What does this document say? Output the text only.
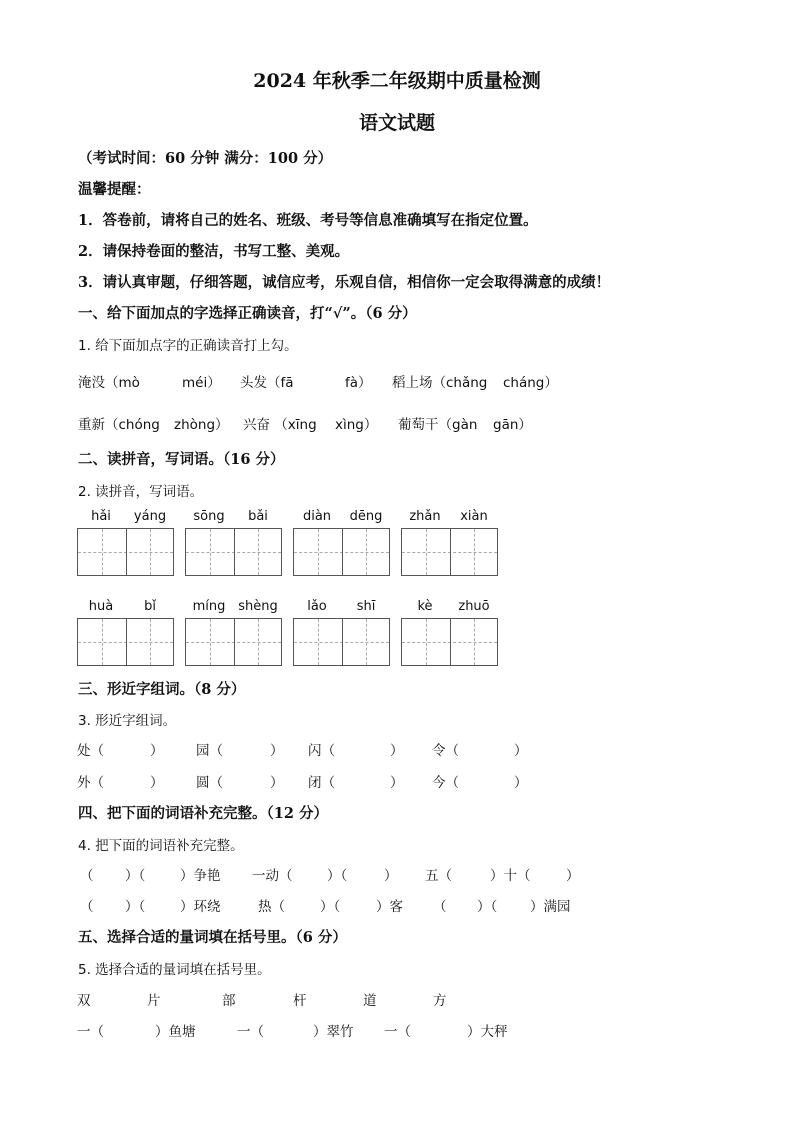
2024 年秋季二年级期中质量检测
语文试题
（考试时间：60 分钟 满分：100 分）
温馨提醒：
1．答卷前，请将自己的姓名、班级、考号等信息准确填写在指定位置。
2．请保持卷面的整洁，书写工整、美观。
3．请认真审题，仔细答题，诚信应考，乐观自信，相信你一定会取得满意的成绩！
一、给下面加点的字选择正确读音，打“√”。（6 分）
1. 给下面加点字的正确读音打上勾。
淹没（mò	méi） 头发（fā	fà） 稻上场（chǎng cháng）
重新（chóng zhòng） 兴奋 （xīng xìng） 葡萄干（gàn gān）
二、读拼音，写词语。（16 分）
2. 读拼音，写词语。
hǎi yáng sōng bǎi	diàn dēng zhǎn xiàn
huà bǐ	míng shèng lǎo shī	kè zhuō
三、形近字组词。（8 分）
3. 形近字组词。
处（	） 园（	） 闪（	） 令（	）
外（	） 圆（	） 闭（	） 今（	）
四、把下面的词语补充完整。（12 分）
4. 把下面的词语补充完整。
（ ）（	）争艳 一动（	）（	） 五（	）十（	）
（ ）（	）环绕	热（	）（	）客 （ ）（ ）满园
五、选择合适的量词填在括号里。（6 分）
5. 选择合适的量词填在括号里。
双	片	部	杆	道	方
一（	）鱼塘	一（	）翠竹 一（	）大秤
